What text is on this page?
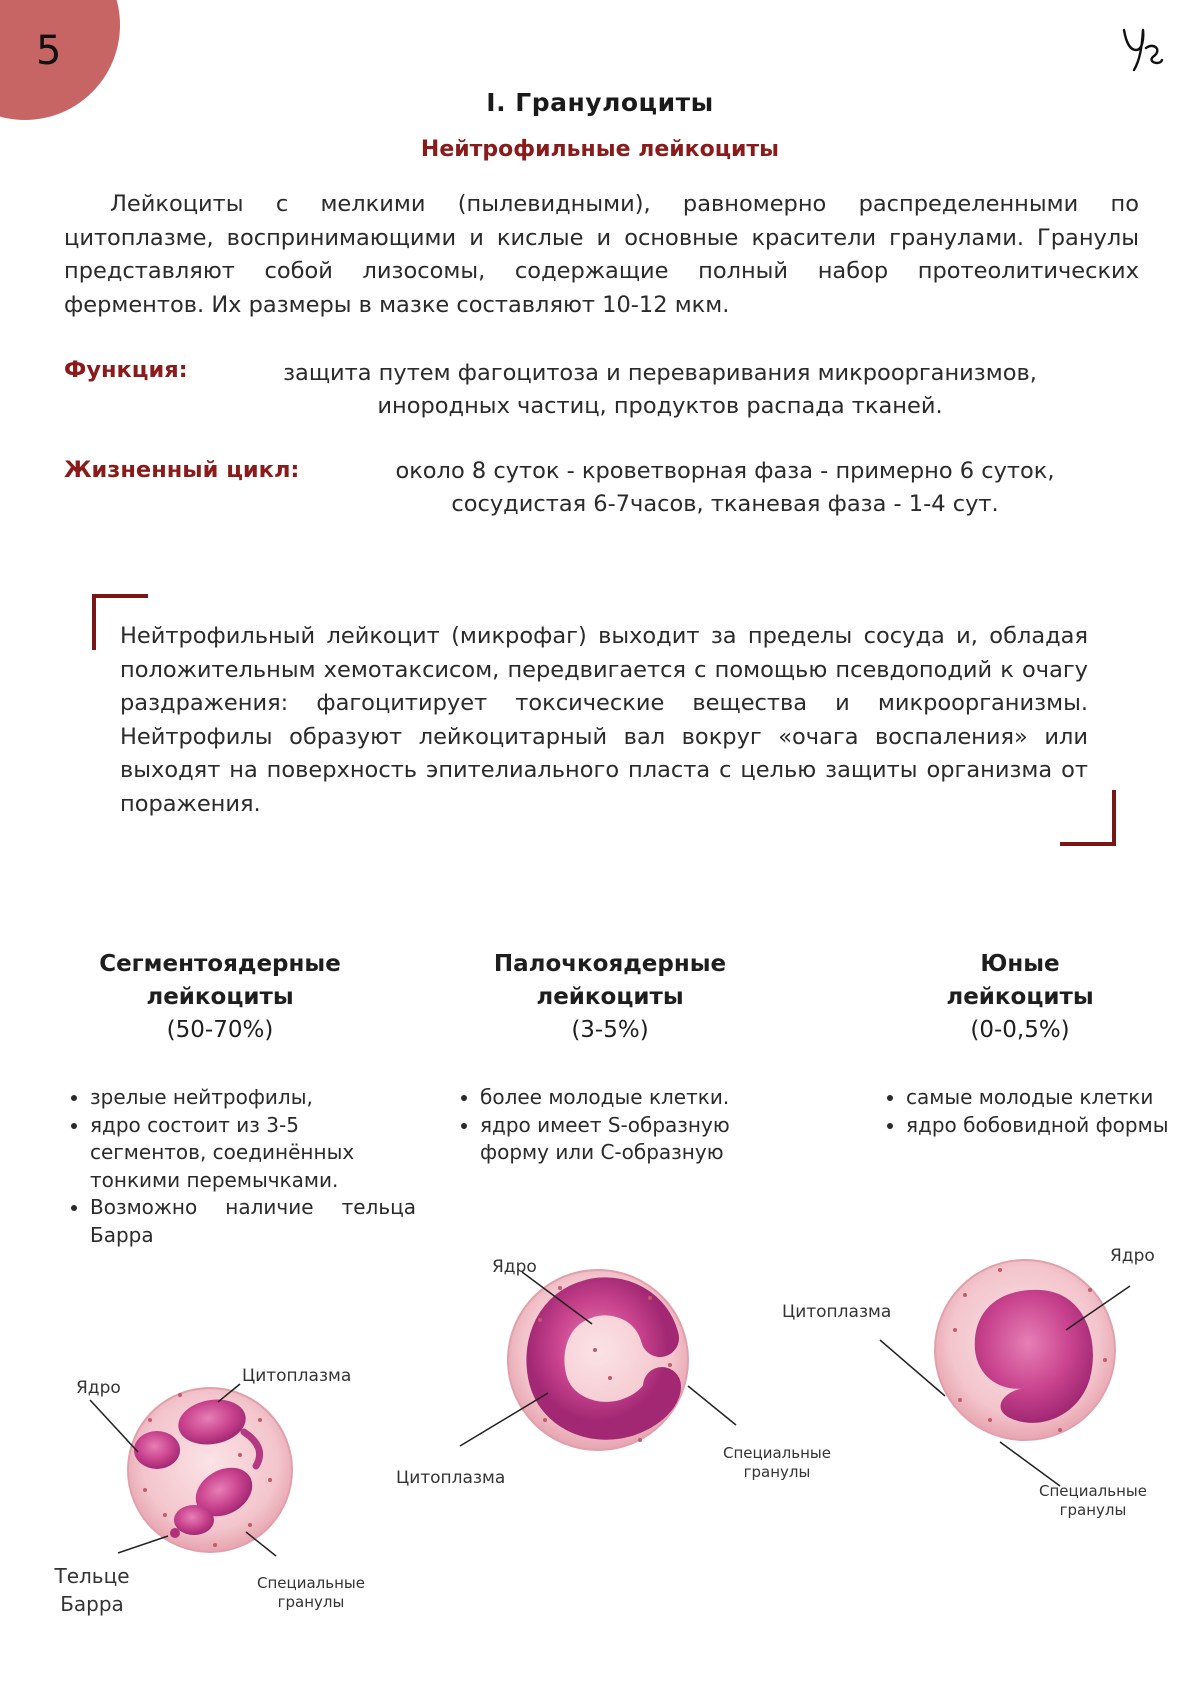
5
I. Гранулоциты
Нейтрофильные лейкоциты
Лейкоциты с мелкими (пылевидными), равномерно распределенными по цитоплазме, воспринимающими и кислые и основные красители гранулами. Гранулы представляют собой лизосомы, содержащие полный набор протеолитических ферментов. Их размеры в мазке составляют 10-12 мкм.
Функция:	защита путем фагоцитоза и переваривания микроорганизмов,
инородных частиц, продуктов распада тканей.
Жизненный цикл:	около 8 суток - кроветворная фаза - примерно 6 суток,
сосудистая 6-7часов, тканевая фаза - 1-4 сут.
Нейтрофильный лейкоцит (микрофаг) выходит за пределы сосуда и, обладая положительным хемотаксисом, передвигается с помощью псевдоподий к очагу раздражения: фагоцитирует токсические вещества и микроорганизмы. Нейтрофилы образуют лейкоцитарный вал вокруг «очага воспаления» или выходят на поверхность эпителиального пласта с целью защиты организма от поражения.
Сегментоядерные
лейкоциты
(50-70%)
Палочкоядерные
лейкоциты
(3-5%)
Юные
лейкоциты
(0-0,5%)
• зрелые нейтрофилы,
• ядро состоит из 3-5 сегментов, соединённых тонкими перемычками.
• Возможно наличие тельца Барра
• более молодые клетки.
• ядро имеет S-образную форму или С-образную
• самые молодые клетки
• ядро бобовидной формы
Ядро
Цитоплазма
Тельце
Барра
Специальные
гранулы
Ядро
Цитоплазма
Специальные
гранулы
Ядро
Цитоплазма
Специальные
гранулы
